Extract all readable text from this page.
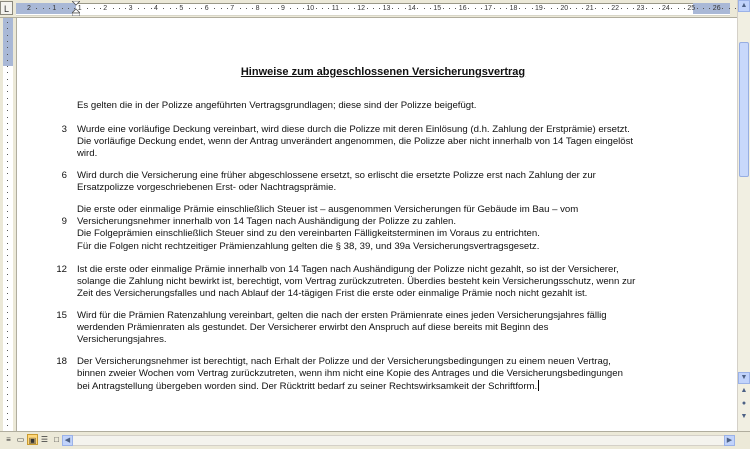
L	2	1	1	2	3	4	5	6	7	8	9	10	11	12	13	14	15	16	17	18	19	20	21	22	23	24	25	26
Hinweise zum abgeschlossenen Versicherungsvertrag
Es gelten die in der Polizze angeführten Vertragsgrundlagen; diese sind der Polizze beigefügt.
3 Wurde eine vorläufige Deckung vereinbart, wird diese durch die Polizze mit deren Einlösung (d.h. Zahlung der Erstprämie) ersetzt.
Die vorläufige Deckung endet, wenn der Antrag unverändert angenommen, die Polizze aber nicht innerhalb von 14 Tagen eingelöst
wird.
6 Wird durch die Versicherung eine früher abgeschlossene ersetzt, so erlischt die ersetzte Polizze erst nach Zahlung der zur
Ersatzpolizze vorgeschriebenen Erst- oder Nachtragsprämie.
9
Die erste oder einmalige Prämie einschließlich Steuer ist – ausgenommen Versicherungen für Gebäude im Bau – vom
Versicherungsnehmer innerhalb von 14 Tagen nach Aushändigung der Polizze zu zahlen.
Die Folgeprämien einschließlich Steuer sind zu den vereinbarten Fälligkeitsterminen im Voraus zu entrichten.
Für die Folgen nicht rechtzeitiger Prämienzahlung gelten die § 38, 39, und 39a Versicherungsvertragsgesetz.
12 Ist die erste oder einmalige Prämie innerhalb von 14 Tagen nach Aushändigung der Polizze nicht gezahlt, so ist der Versicherer,
solange die Zahlung nicht bewirkt ist, berechtigt, vom Vertrag zurückzutreten. Überdies besteht kein Versicherungsschutz, wenn zur
Zeit des Versicherungsfalles und nach Ablauf der 14-tägigen Frist die erste oder einmalige Prämie noch nicht gezahlt ist.
15 Wird für die Prämien Ratenzahlung vereinbart, gelten die nach der ersten Prämienrate eines jeden Versicherungsjahres fällig
werdenden Prämienraten als gestundet. Der Versicherer erwirbt den Anspruch auf diese bereits mit Beginn des
Versicherungsjahres.
18 Der Versicherungsnehmer ist berechtigt, nach Erhalt der Polizze und der Versicherungsbedingungen zu einem neuen Vertrag,
binnen zweier Wochen vom Vertrag zurückzutreten, wenn ihm nicht eine Kopie des Antrages und die Versicherungsbedingungen
bei Antragstellung übergeben worden sind. Der Rücktritt bedarf zu seiner Rechtswirksamkeit der Schriftform.
▲
▼
▲
●
▼
≡ ▭ ▣ ☰ □ ◀	▶
